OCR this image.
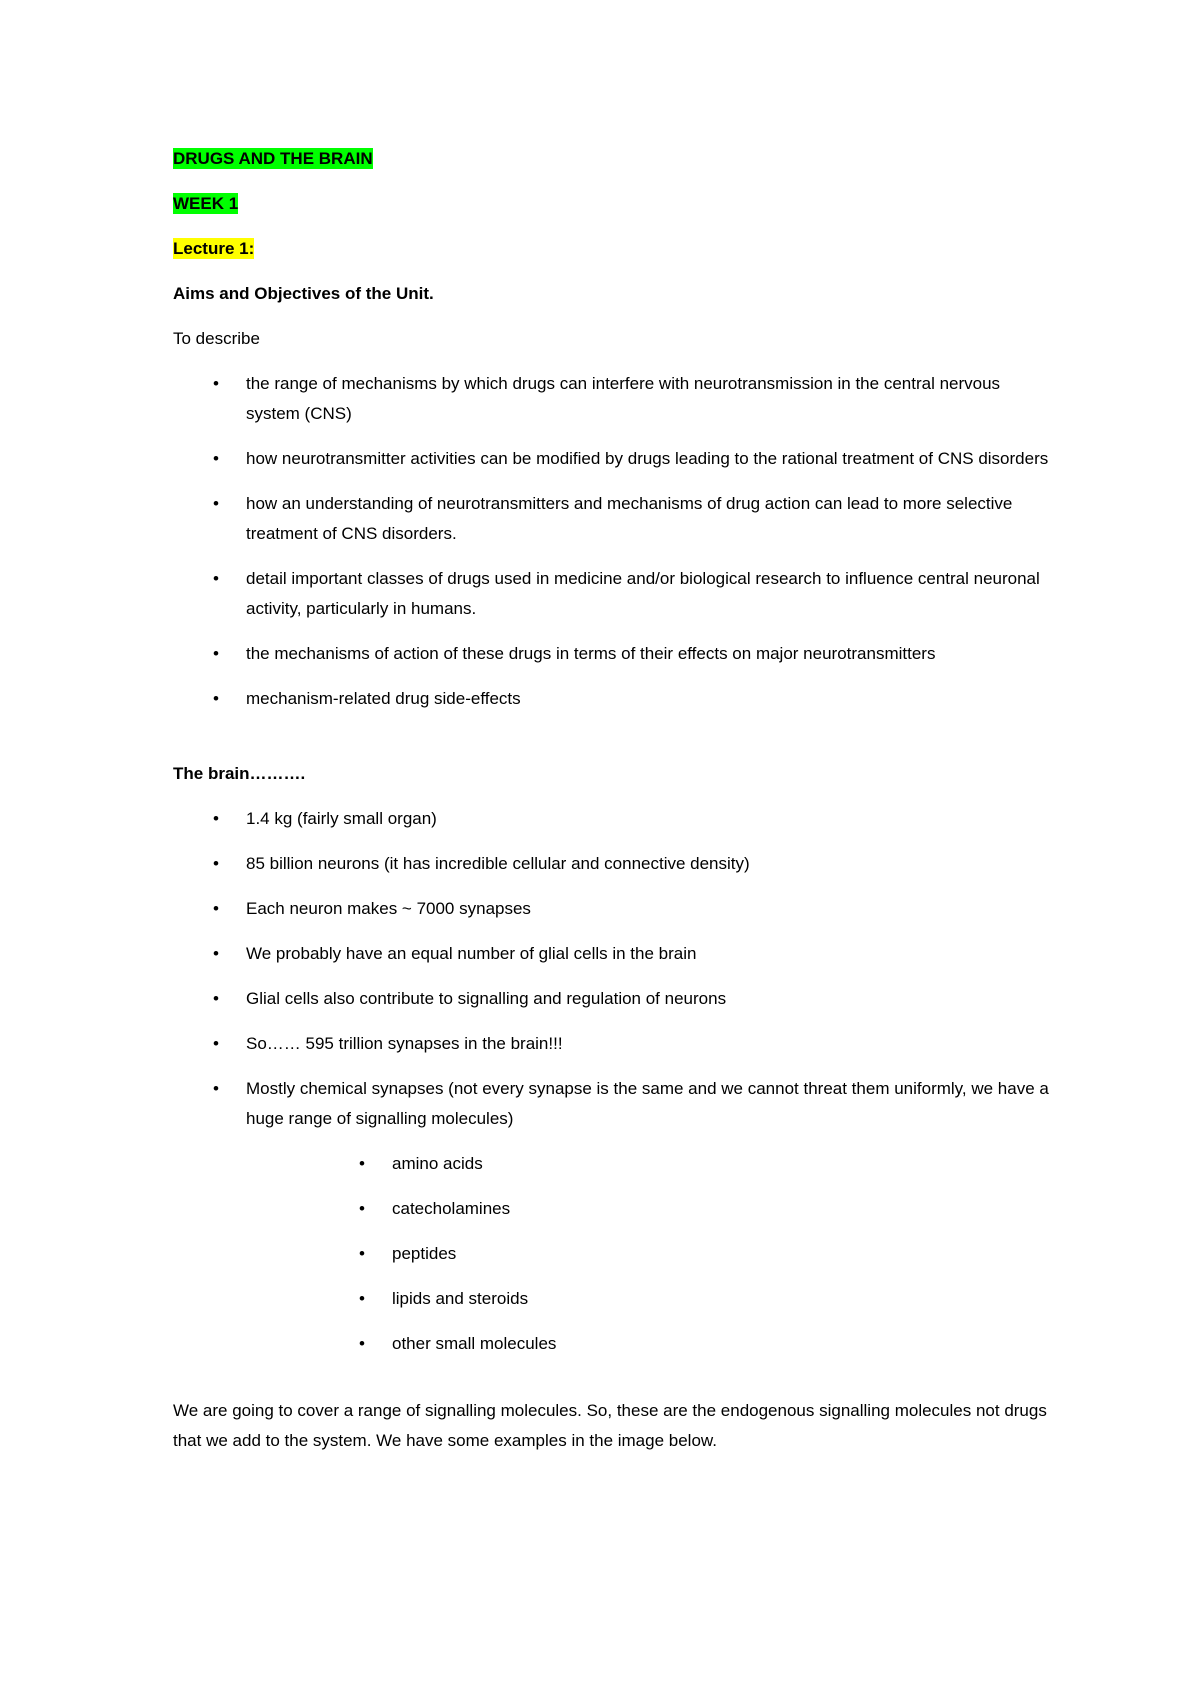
DRUGS AND THE BRAIN

WEEK 1

Lecture 1:

Aims and Objectives of the Unit.

To describe

•	the range of mechanisms by which drugs can interfere with neurotransmission in the central nervous system (CNS)
•	how neurotransmitter activities can be modified by drugs leading to the rational treatment of CNS disorders
•	how an understanding of neurotransmitters and mechanisms of drug action can lead to more selective treatment of CNS disorders.
•	detail important classes of drugs used in medicine and/or biological research to influence central neuronal activity, particularly in humans.
•	the mechanisms of action of these drugs in terms of their effects on major neurotransmitters
•	mechanism-related drug side-effects

The brain……….

•	1.4 kg (fairly small organ)
•	85 billion neurons (it has incredible cellular and connective density)
•	Each neuron makes ~ 7000 synapses
•	We probably have an equal number of glial cells in the brain
•	Glial cells also contribute to signalling and regulation of neurons
•	So…… 595 trillion synapses in the brain!!!
•	Mostly chemical synapses (not every synapse is the same and we cannot threat them uniformly, we have a huge range of signalling molecules)
•	amino acids
•	catecholamines
•	peptides
•	lipids and steroids
•	other small molecules

We are going to cover a range of signalling molecules. So, these are the endogenous signalling molecules not drugs that we add to the system. We have some examples in the image below.
